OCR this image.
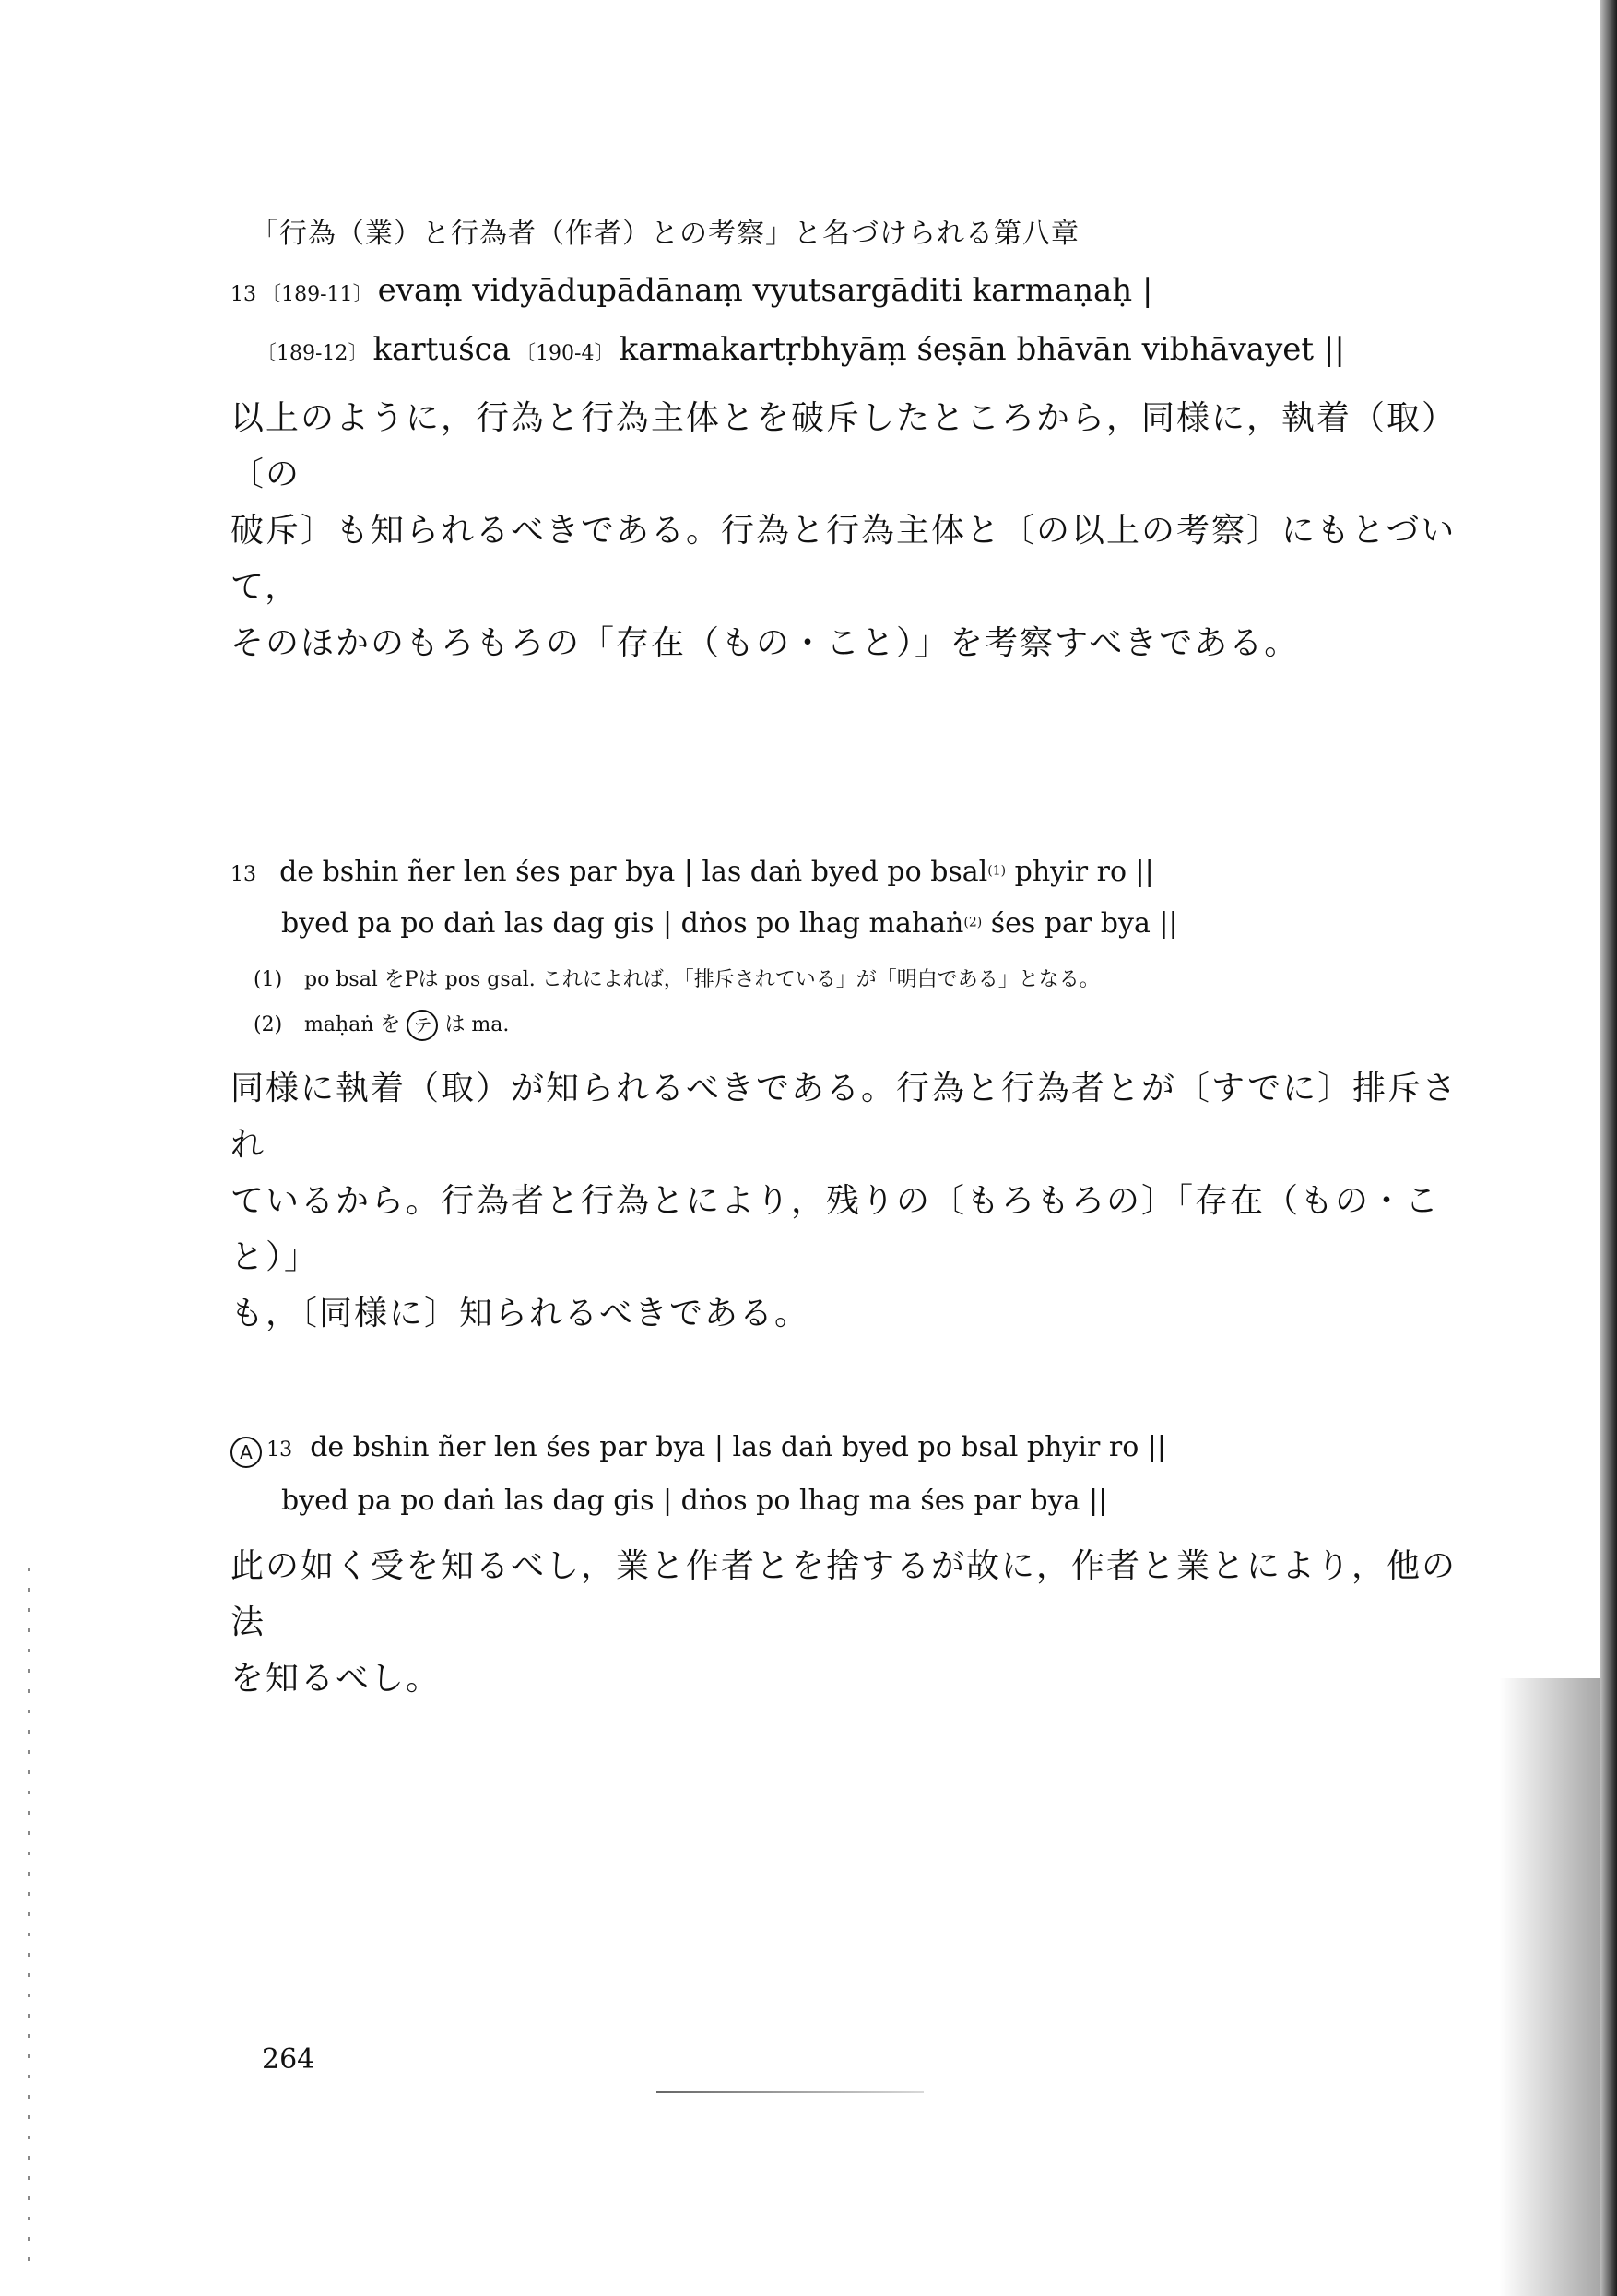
「行為（業）と行為者（作者）との考察」と名づけられる第八章
13 〔189-11〕 evaṃ vidyādupādānaṃ vyutsargāditi karmaṇaḥ |
〔189-12〕 kartuśca 〔190-4〕 karmakartṛbhyāṃ śeṣān bhāvān vibhāvayet ||
以上のように，行為と行為主体とを破斥したところから，同様に，執着（取）〔の
破斥〕も知られるべきである。行為と行為主体と〔の以上の考察〕にもとづいて，
そのほかのもろもろの「存在（もの・こと）」を考察すべきである。
13 de bshin ñer len śes par bya | las daṅ byed po bsal$^{(1)}$ phyir ro ||
byed pa po daṅ las dag gis | dṅos po lhag mahaṅ$^{(2)}$ śes par bya ||
(1) po bsal をPは pos gsal. これによれば，「排斥されている」が「明白である」となる。
(2) maḥaṅ を テ は ma.
同様に執着（取）が知られるべきである。行為と行為者とが〔すでに〕排斥され
ているから。行為者と行為とにより，残りの〔もろもろの〕「存在（もの・こと）」
も，〔同様に〕知られるべきである。
A 13 de bshin ñer len śes par bya | las daṅ byed po bsal phyir ro ||
byed pa po daṅ las dag gis | dṅos po lhag ma śes par bya ||
此の如く受を知るべし，業と作者とを捨するが故に，作者と業とにより，他の法
を知るべし。
264
